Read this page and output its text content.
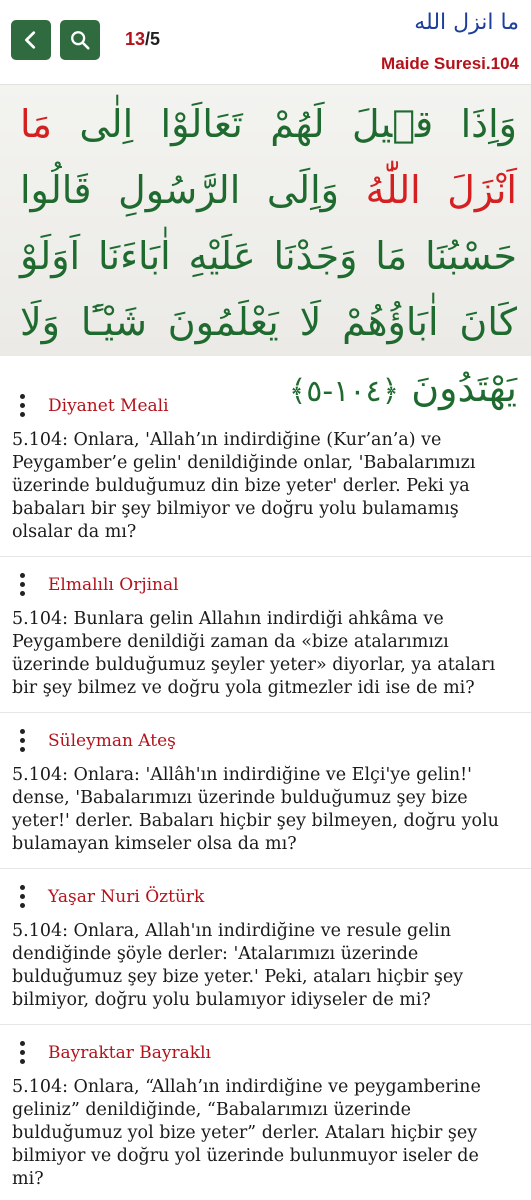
13/5
ما انزل الله
Maide Suresi.104
وَاِذَا قٖيلَ لَهُمْ تَعَالَوْا اِلٰى مَا اَنْزَلَ اللّٰهُ وَاِلَى الرَّسُولِ قَالُوا حَسْبُنَا مَا وَجَدْنَا عَلَيْهِ اٰبَاءَنَا اَوَلَوْ كَانَ اٰبَاؤُهُمْ لَا يَعْلَمُونَ شَيْـًٔا وَلَا يَهْتَدُونَ ﴿١٠٤-٥﴾
Diyanet Meali
5.104: Onlara, 'Allah’ın indirdiğine (Kur’an’a) ve Peygamber’e gelin' denildiğinde onlar, 'Babalarımızı üzerinde bulduğumuz din bize yeter' derler. Peki ya babaları bir şey bilmiyor ve doğru yolu bulamamış olsalar da mı?
Elmalılı Orjinal
5.104: Bunlara gelin Allahın indirdiği ahkâma ve Peygambere denildiği zaman da «bize atalarımızı üzerinde bulduğumuz şeyler yeter» diyorlar, ya ataları bir şey bilmez ve doğru yola gitmezler idi ise de mi?
Süleyman Ateş
5.104: Onlara: 'Allâh'ın indirdiğine ve Elçi'ye gelin!' dense, 'Babalarımızı üzerinde bulduğumuz şey bize yeter!' derler. Babaları hiçbir şey bilmeyen, doğru yolu bulamayan kimseler olsa da mı?
Yaşar Nuri Öztürk
5.104: Onlara, Allah'ın indirdiğine ve resule gelin dendiğinde şöyle derler: 'Atalarımızı üzerinde bulduğumuz şey bize yeter.' Peki, ataları hiçbir şey bilmiyor, doğru yolu bulamıyor idiyseler de mi?
Bayraktar Bayraklı
5.104: Onlara, “Allah’ın indirdiğine ve peygamberine geliniz” denildiğinde, “Babalarımızı üzerinde bulduğumuz yol bize yeter” derler. Ataları hiçbir şey bilmiyor ve doğru yol üzerinde bulunmuyor iseler de mi?
